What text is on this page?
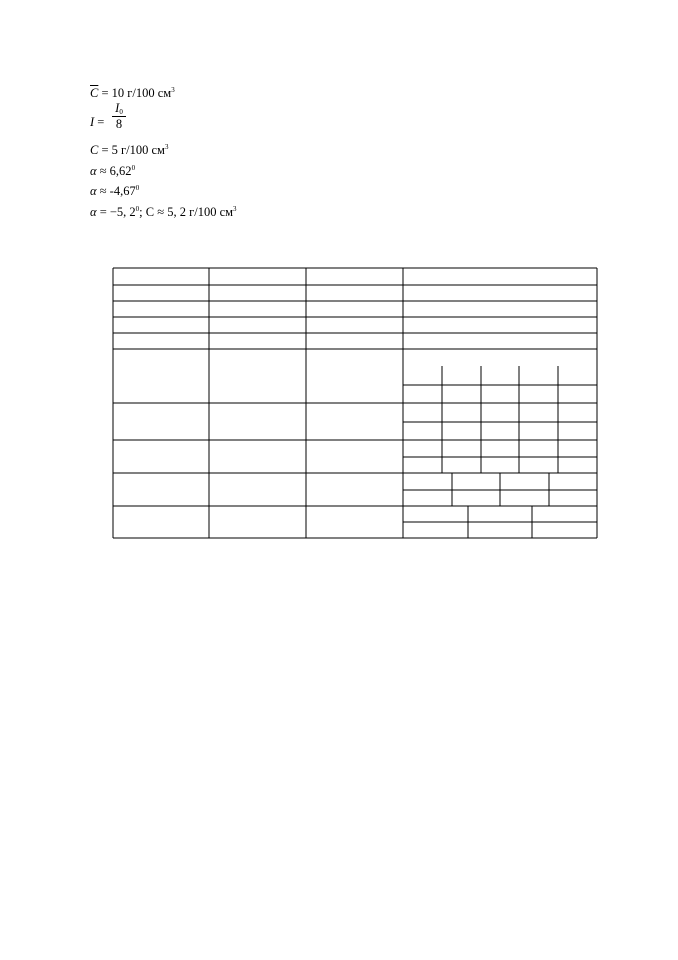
$\overline{C} = 10$ г/100 $см^3$
$I = \frac{I_0}{8}$
C = 5 г/100 $см^3$
$\alpha \approx 6,62^0$
$\alpha \approx -4,67^0$
α = −5, $2^0$; C ≈ 5, 2 г/100 $см^3$
